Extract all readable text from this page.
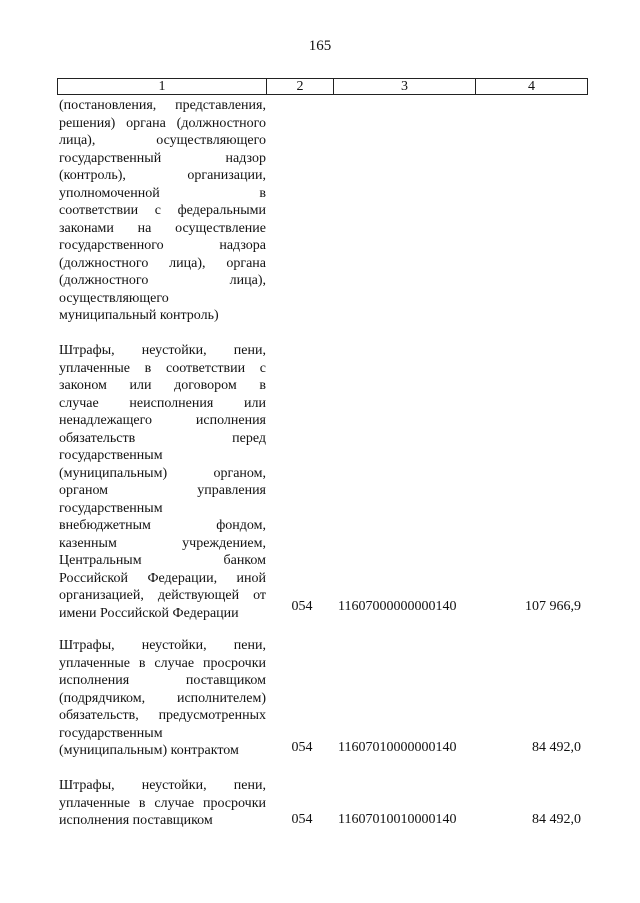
165
1	2	3	4
(постановления, представления,
решения) органа (должностного
лица), осуществляющего
государственный надзор
(контроль), организации,
уполномоченной в
соответствии с федеральными
законами на осуществление
государственного надзора
(должностного лица), органа
(должностного лица),
осуществляющего
муниципальный контроль)
Штрафы, неустойки, пени,
уплаченные в соответствии с
законом или договором в
случае неисполнения или
ненадлежащего исполнения
обязательств перед
государственным
(муниципальным) органом,
органом управления
государственным
внебюджетным фондом,
казенным учреждением,
Центральным банком
Российской Федерации, иной
организацией, действующей от
имени Российской Федерации	054	11607000000000140	107 966,9
Штрафы, неустойки, пени,
уплаченные в случае просрочки
исполнения поставщиком
(подрядчиком, исполнителем)
обязательств, предусмотренных
государственным
(муниципальным) контрактом	054	11607010000000140	84 492,0
Штрафы, неустойки, пени,
уплаченные в случае просрочки
исполнения поставщиком	054	11607010010000140	84 492,0
